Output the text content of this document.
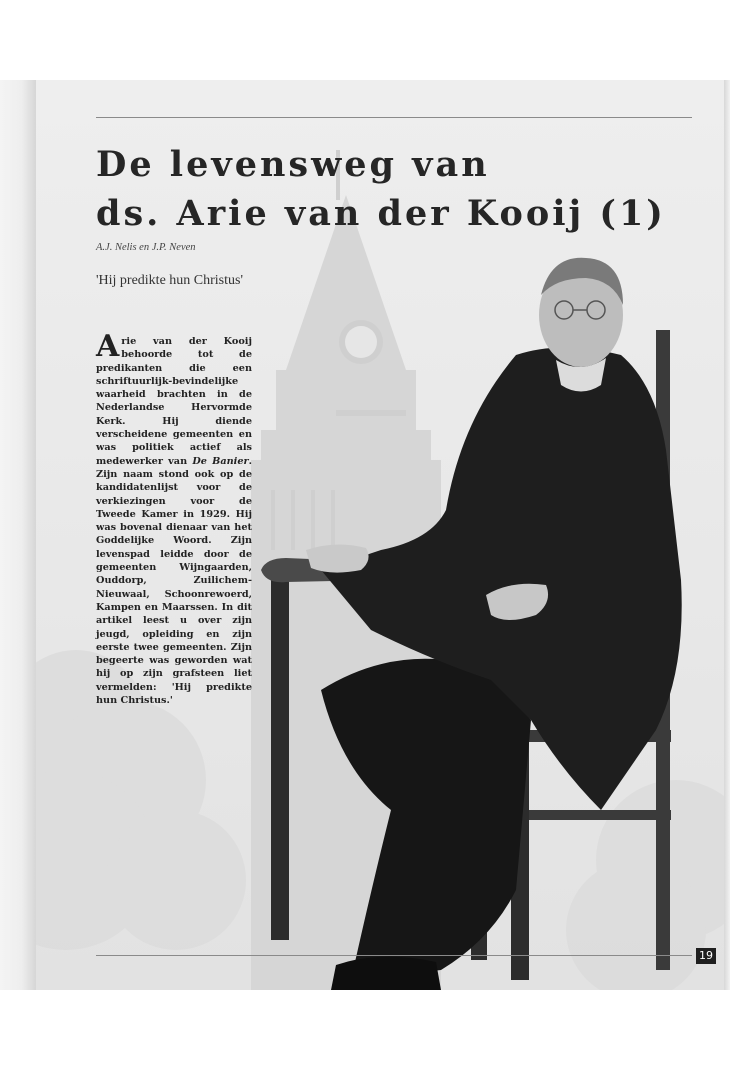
De levensweg van
ds. Arie van der Kooij (1)
A.J. Nelis en J.P. Neven
'Hij predikte hun Christus'

Arie van der Kooij behoorde tot de predikanten die een schriftuurlijk-bevindelijke waarheid brachten in de Nederlandse Hervormde Kerk. Hij diende verscheidene gemeenten en was politiek actief als medewerker van De Banier. Zijn naam stond ook op de kandidatenlijst voor de verkiezingen voor de Tweede Kamer in 1929. Hij was bovenal dienaar van het Goddelijke Woord. Zijn levenspad leidde door de gemeenten Wijngaarden, Ouddorp, Zuilichem-Nieuwaal, Schoonrewoerd, Kampen en Maarssen. In dit artikel leest u over zijn jeugd, opleiding en zijn eerste twee gemeenten. Zijn begeerte was geworden wat hij op zijn grafsteen liet vermelden: 'Hij predikte hun Christus.'

19
